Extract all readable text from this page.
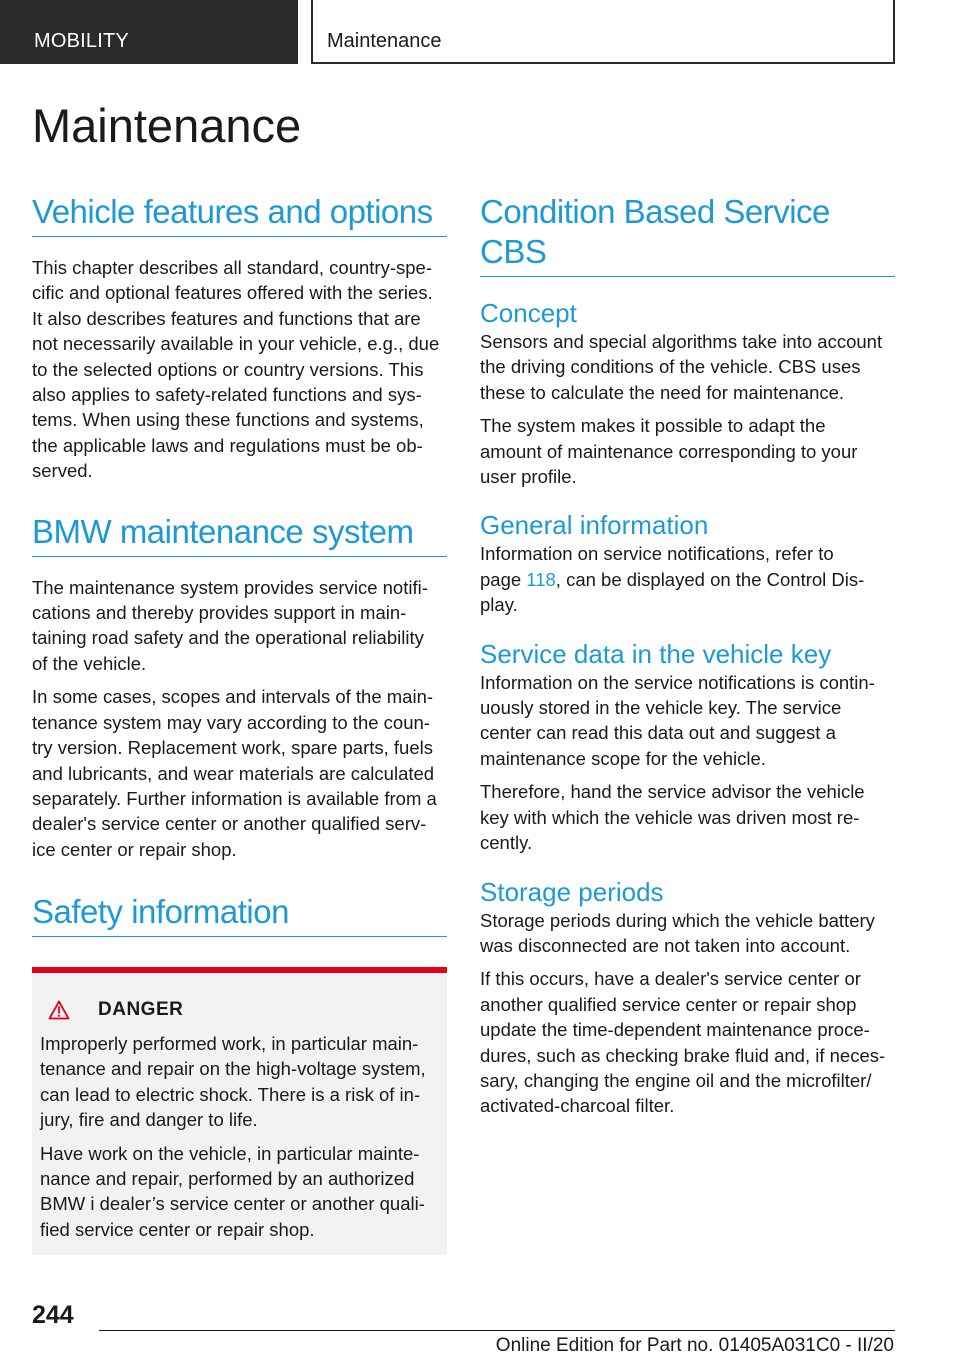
MOBILITY	Maintenance
Maintenance
Vehicle features and options

This chapter describes all standard, country-spe‐
cific and optional features offered with the series.
It also describes features and functions that are
not necessarily available in your vehicle, e.g., due
to the selected options or country versions. This
also applies to safety-related functions and sys‐
tems. When using these functions and systems,
the applicable laws and regulations must be ob‐
served.

BMW maintenance system

The maintenance system provides service notifi‐
cations and thereby provides support in main‐
taining road safety and the operational reliability
of the vehicle.

In some cases, scopes and intervals of the main‐
tenance system may vary according to the coun‐
try version. Replacement work, spare parts, fuels
and lubricants, and wear materials are calculated
separately. Further information is available from a
dealer's service center or another qualified serv‐
ice center or repair shop.

Safety information
DANGER

Improperly performed work, in particular main‐
tenance and repair on the high-voltage system,
can lead to electric shock. There is a risk of in‐
jury, fire and danger to life.

Have work on the vehicle, in particular mainte‐
nance and repair, performed by an authorized
BMW i dealer’s service center or another quali‐
fied service center or repair shop.

Condition Based Service CBS
Concept

Sensors and special algorithms take into account
the driving conditions of the vehicle. CBS uses
these to calculate the need for maintenance.

The system makes it possible to adapt the
amount of maintenance corresponding to your
user profile.

General information

Information on service notifications, refer to
page 118, can be displayed on the Control Dis‐
play.

Service data in the vehicle key

Information on the service notifications is contin‐
uously stored in the vehicle key. The service
center can read this data out and suggest a
maintenance scope for the vehicle.

Therefore, hand the service advisor the vehicle
key with which the vehicle was driven most re‐
cently.

Storage periods

Storage periods during which the vehicle battery
was disconnected are not taken into account.

If this occurs, have a dealer's service center or
another qualified service center or repair shop
update the time-dependent maintenance proce‐
dures, such as checking brake fluid and, if neces‐
sary, changing the engine oil and the microfilter/
activated-charcoal filter.

244
Online Edition for Part no. 01405A031C0 - II/20
